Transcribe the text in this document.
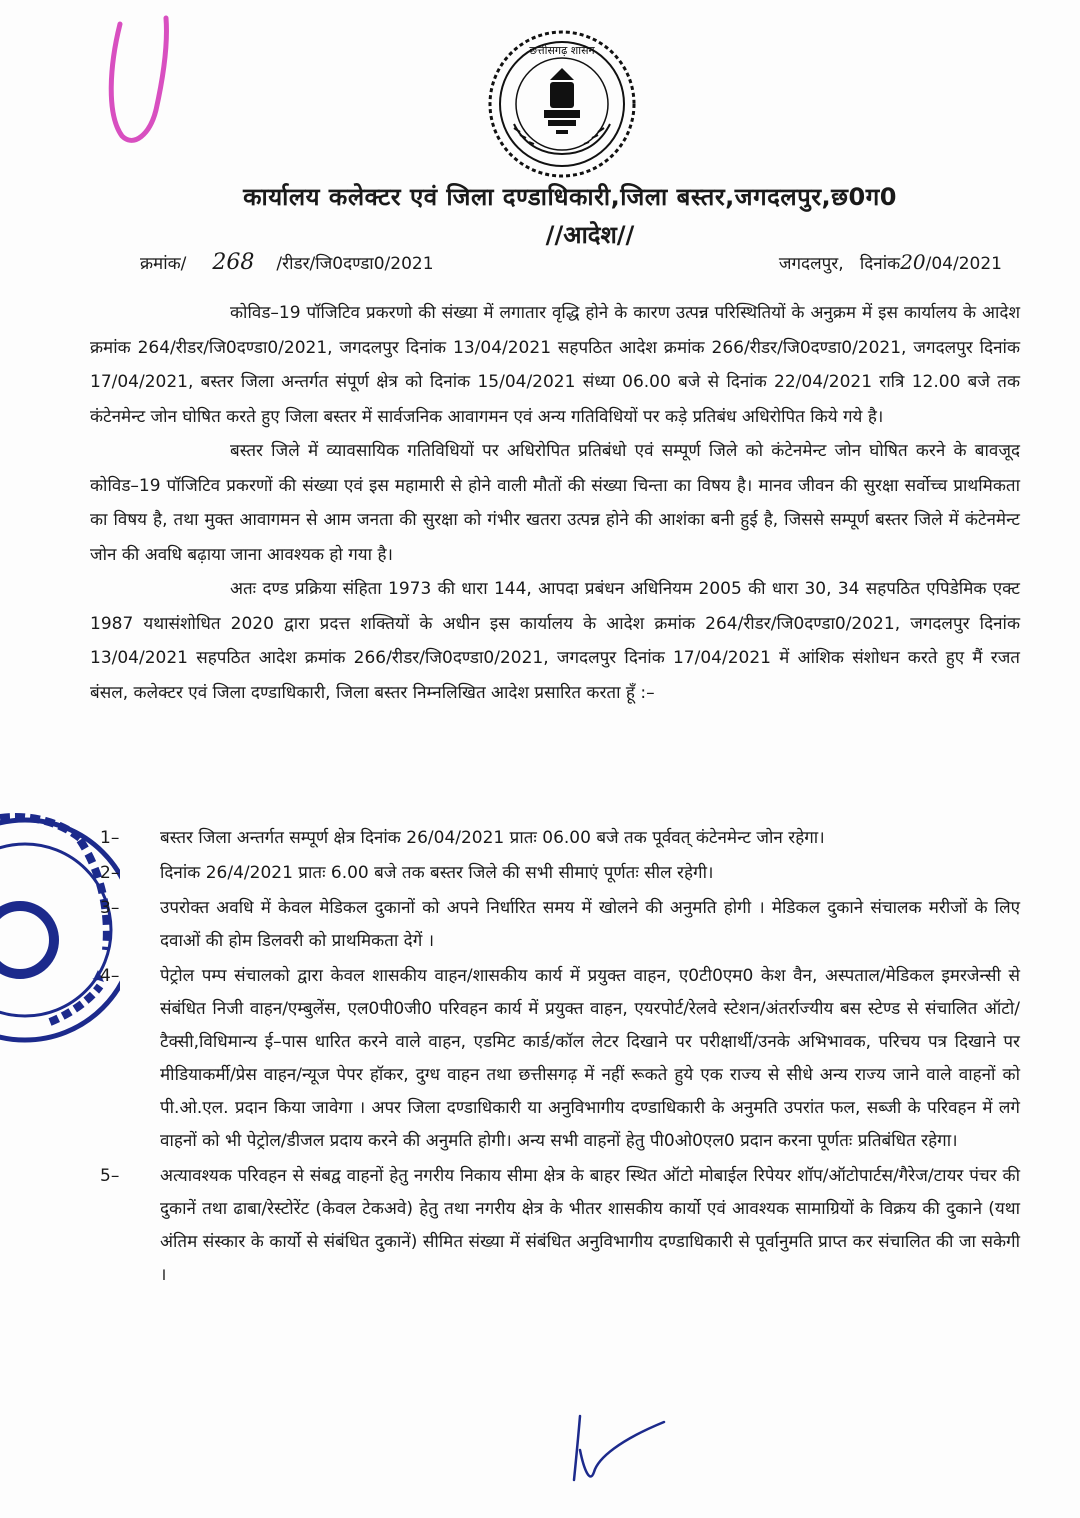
छत्तीसगढ़ शासन
कार्यालय कलेक्टर एवं जिला दण्डाधिकारी,जिला बस्तर,जगदलपुर,छ0ग0
//आदेश//
क्रमांक/ 268 /रीडर/जि0दण्डा0/2021	जगदलपुर, दिनांक20/04/2021

कोविड–19 पॉजिटिव प्रकरणो की संख्या में लगातार वृद्धि होने के कारण उत्पन्न परिस्थितियों के अनुक्रम में इस कार्यालय के आदेश क्रमांक 264/रीडर/जि0दण्डा0/2021, जगदलपुर दिनांक 13/04/2021 सहपठित आदेश क्रमांक 266/रीडर/जि0दण्डा0/2021, जगदलपुर दिनांक 17/04/2021, बस्तर जिला अन्तर्गत संपूर्ण क्षेत्र को दिनांक 15/04/2021 संध्या 06.00 बजे से दिनांक 22/04/2021 रात्रि 12.00 बजे तक कंटेनमेन्ट जोन घोषित करते हुए जिला बस्तर में सार्वजनिक आवागमन एवं अन्य गतिविधियों पर कड़े प्रतिबंध अधिरोपित किये गये है।

बस्तर जिले में व्यावसायिक गतिविधियों पर अधिरोपित प्रतिबंधो एवं सम्पूर्ण जिले को कंटेनमेन्ट जोन घोषित करने के बावजूद कोविड–19 पॉजिटिव प्रकरणों की संख्या एवं इस महामारी से होने वाली मौतों की संख्या चिन्ता का विषय है। मानव जीवन की सुरक्षा सर्वोच्च प्राथमिकता का विषय है, तथा मुक्त आवागमन से आम जनता की सुरक्षा को गंभीर खतरा उत्पन्न होने की आशंका बनी हुई है, जिससे सम्पूर्ण बस्तर जिले में कंटेनमेन्ट जोन की अवधि बढ़ाया जाना आवश्यक हो गया है।

अतः दण्ड प्रक्रिया संहिता 1973 की धारा 144, आपदा प्रबंधन अधिनियम 2005 की धारा 30, 34 सहपठित एपिडेमिक एक्ट 1987 यथासंशोधित 2020 द्वारा प्रदत्त शक्तियों के अधीन इस कार्यालय के आदेश क्रमांक 264/रीडर/जि0दण्डा0/2021, जगदलपुर दिनांक 13/04/2021 सहपठित आदेश क्रमांक 266/रीडर/जि0दण्डा0/2021, जगदलपुर दिनांक 17/04/2021 में आंशिक संशोधन करते हुए मैं रजत बंसल, कलेक्टर एवं जिला दण्डाधिकारी, जिला बस्तर निम्नलिखित आदेश प्रसारित करता हूँ :–

1– बस्तर जिला अन्तर्गत सम्पूर्ण क्षेत्र दिनांक 26/04/2021 प्रातः 06.00 बजे तक पूर्ववत् कंटेनमेन्ट जोन रहेगा।
2– दिनांक 26/4/2021 प्रातः 6.00 बजे तक बस्तर जिले की सभी सीमाएं पूर्णतः सील रहेगी।
3– उपरोक्त अवधि में केवल मेडिकल दुकानों को अपने निर्धारित समय में खोलने की अनुमति होगी । मेडिकल दुकाने संचालक मरीजों के लिए दवाओं की होम डिलवरी को प्राथमिकता देगें ।
4– पेट्रोल पम्प संचालको द्वारा केवल शासकीय वाहन/शासकीय कार्य में प्रयुक्त वाहन, ए0टी0एम0 केश वैन, अस्पताल/मेडिकल इमरजेन्सी से संबंधित निजी वाहन/एम्बुलेंस, एल0पी0जी0 परिवहन कार्य में प्रयुक्त वाहन, एयरपोर्ट/रेलवे स्टेशन/अंतर्राज्यीय बस स्टेण्ड से संचालित ऑटो/टैक्सी,विधिमान्य ई–पास धारित करने वाले वाहन, एडमिट कार्ड/कॉल लेटर दिखाने पर परीक्षार्थी/उनके अभिभावक, परिचय पत्र दिखाने पर मीडियाकर्मी/प्रेस वाहन/न्यूज पेपर हॉकर, दुग्ध वाहन तथा छत्तीसगढ़ में नहीं रूकते हुये एक राज्य से सीधे अन्य राज्य जाने वाले वाहनों को पी.ओ.एल. प्रदान किया जावेगा । अपर जिला दण्डाधिकारी या अनुविभागीय दण्डाधिकारी के अनुमति उपरांत फल, सब्जी के परिवहन में लगे वाहनों को भी पेट्रोल/डीजल प्रदाय करने की अनुमति होगी। अन्य सभी वाहनों हेतु पी0ओ0एल0 प्रदान करना पूर्णतः प्रतिबंधित रहेगा।
5– अत्यावश्यक परिवहन से संबद्व वाहनों हेतु नगरीय निकाय सीमा क्षेत्र के बाहर स्थित ऑटो मोबाईल रिपेयर शॉप/ऑटोपार्टस/गैरेज/टायर पंचर की दुकानें तथा ढाबा/रेस्टोरेंट (केवल टेकअवे) हेतु तथा नगरीय क्षेत्र के भीतर शासकीय कार्यो एवं आवश्यक सामाग्रियों के विक्रय की दुकाने (यथा अंतिम संस्कार के कार्यो से संबंधित दुकानें) सीमित संख्या में संबंधित अनुविभागीय दण्डाधिकारी से पूर्वानुमति प्राप्त कर संचालित की जा सकेगी ।
